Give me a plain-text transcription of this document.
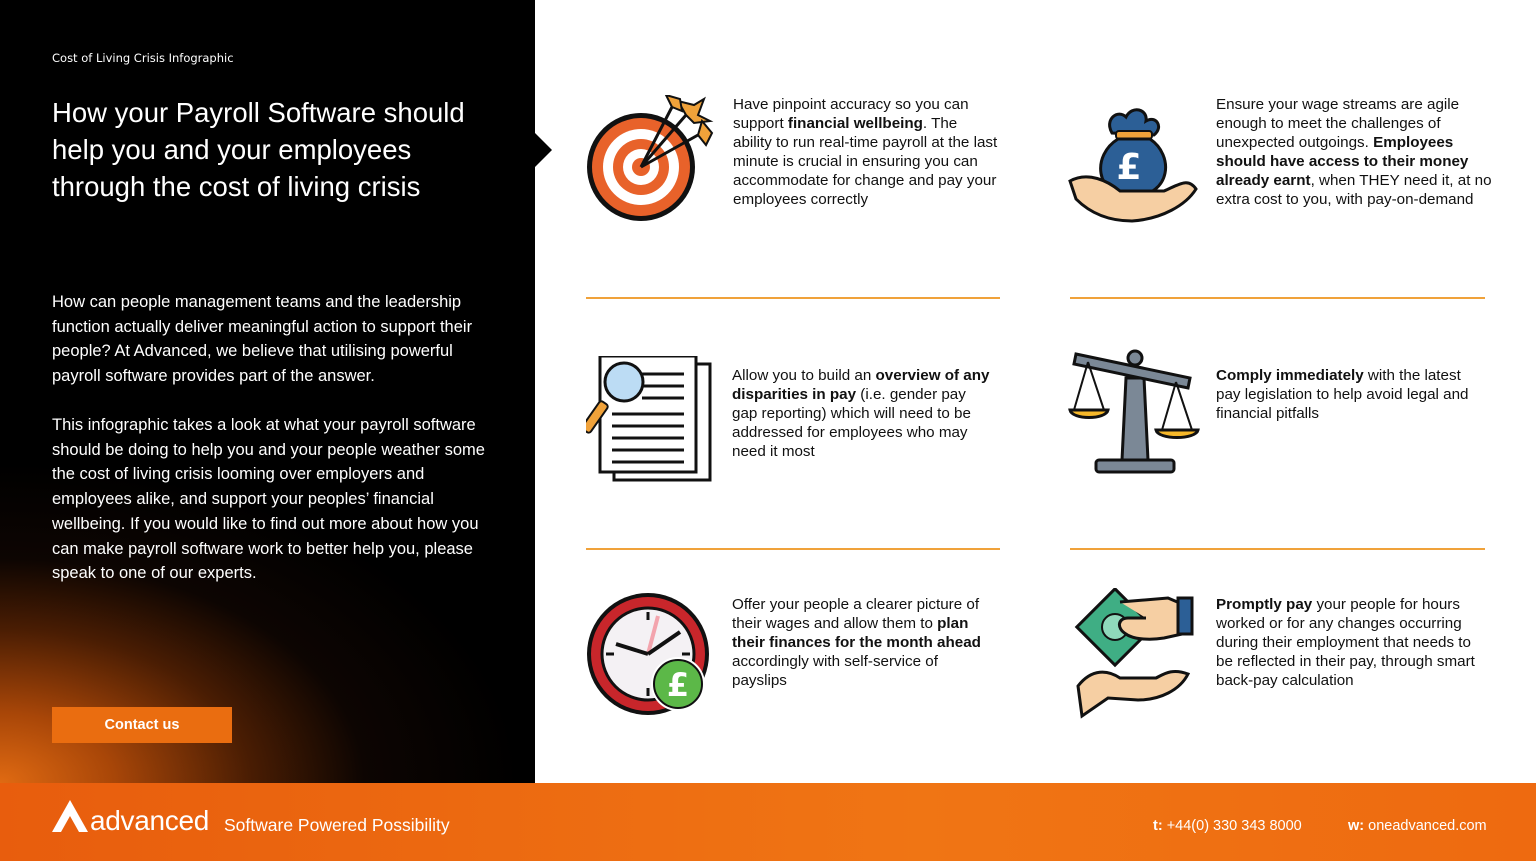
Cost of Living Crisis Infographic
How your Payroll Software should help you and your employees through the cost of living crisis

How can people management teams and the leadership function actually deliver meaningful action to support their people? At Advanced, we believe that utilising powerful payroll software provides part of the answer.

This infographic takes a look at what your payroll software should be doing to help you and your people weather some the cost of living crisis looming over employers and employees alike, and support your peoples’ financial wellbeing. If you would like to find out more about how you can make payroll software work to better help you, please speak to one of our experts.

Contact us
Have pinpoint accuracy so you can support financial wellbeing. The ability to run real-time payroll at the last minute is crucial in ensuring you can accommodate for change and pay your employees correctly
£
Ensure your wage streams are agile enough to meet the challenges of unexpected outgoings. Employees should have access to their money already earnt, when THEY need it, at no extra cost to you, with pay-on-demand
Allow you to build an overview of any disparities in pay (i.e. gender pay gap reporting) which will need to be addressed for employees who may need it most
Comply immediately with the latest pay legislation to help avoid legal and financial pitfalls
£
Offer your people a clearer picture of their wages and allow them to plan their finances for the month ahead accordingly with self-service of payslips
Promptly pay your people for hours worked or for any changes occurring during their employment that needs to be reflected in their pay, through smart back-pay calculation
advanced Software Powered Possibility	t: +44(0) 330 343 8000	w: oneadvanced.com
